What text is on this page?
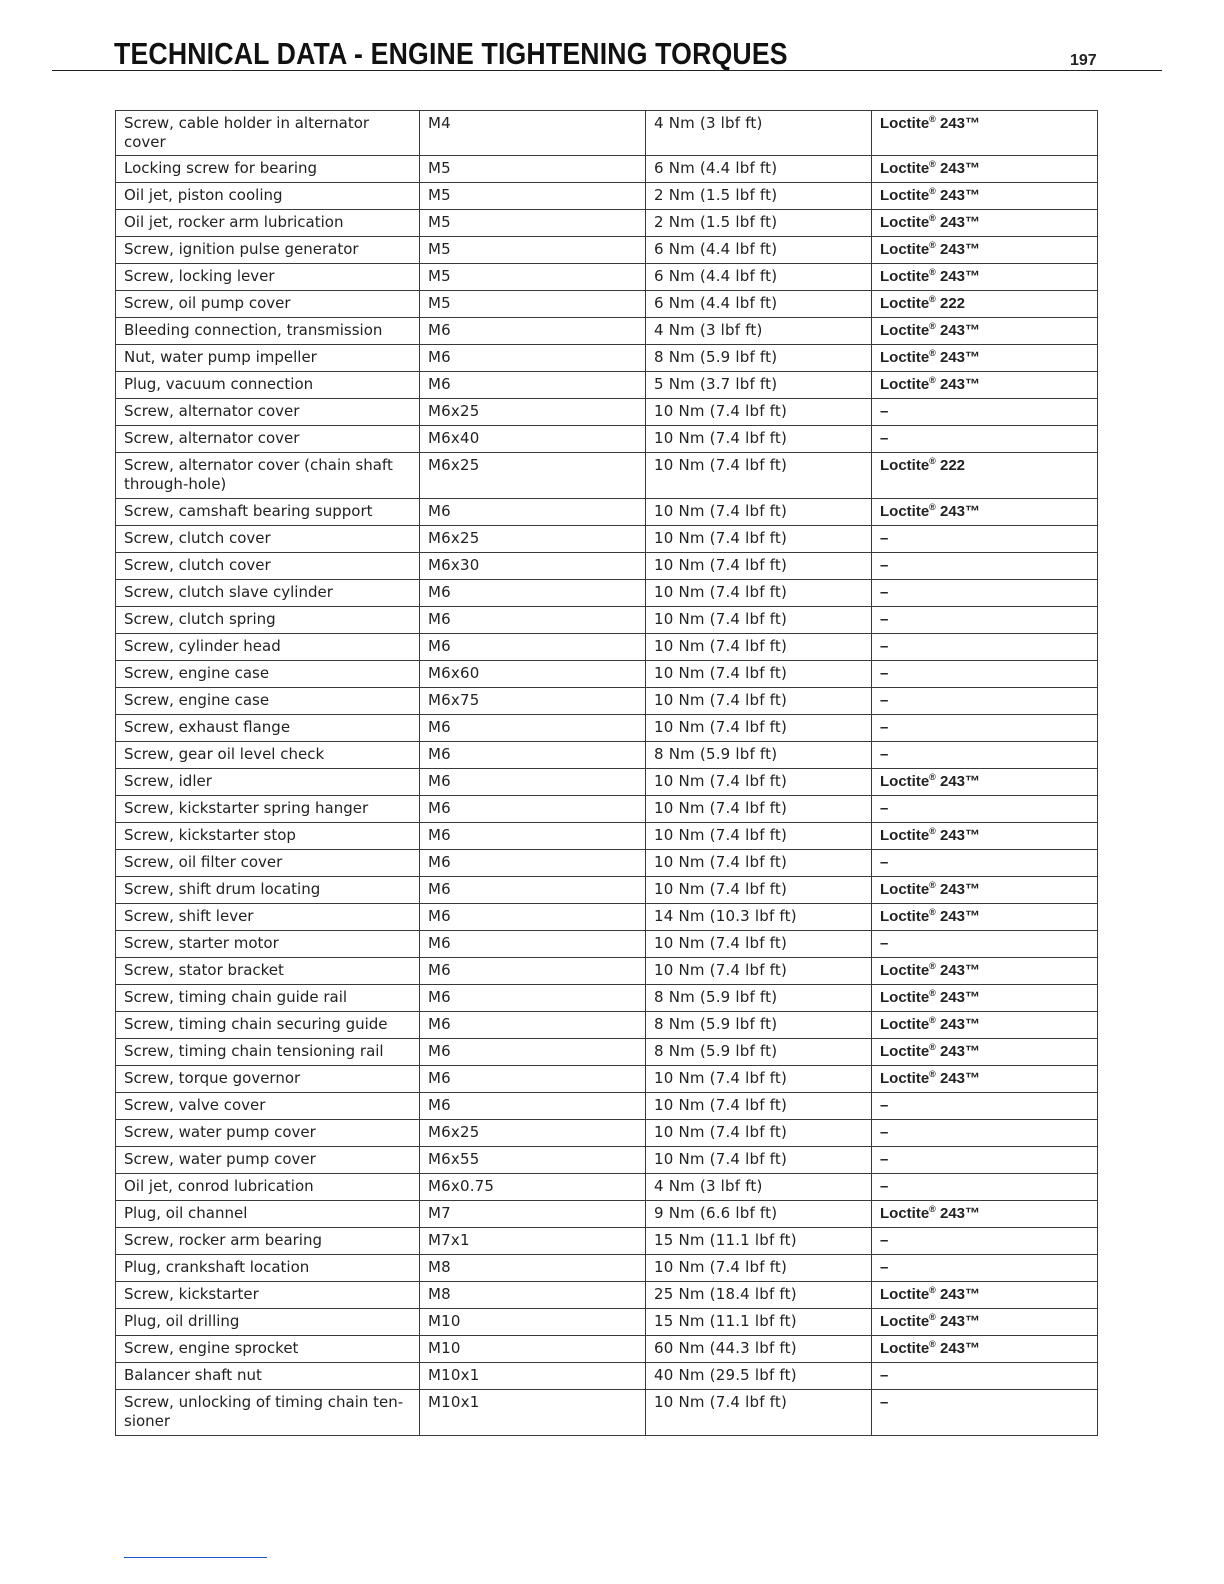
TECHNICAL DATA - ENGINE TIGHTENING TORQUES	197
Screw, cable holder in alternator cover	M4	4 Nm (3 lbf ft)	Loctite® 243™
Locking screw for bearing	M5	6 Nm (4.4 lbf ft)	Loctite® 243™
Oil jet, piston cooling	M5	2 Nm (1.5 lbf ft)	Loctite® 243™
Oil jet, rocker arm lubrication	M5	2 Nm (1.5 lbf ft)	Loctite® 243™
Screw, ignition pulse generator	M5	6 Nm (4.4 lbf ft)	Loctite® 243™
Screw, locking lever	M5	6 Nm (4.4 lbf ft)	Loctite® 243™
Screw, oil pump cover	M5	6 Nm (4.4 lbf ft)	Loctite® 222
Bleeding connection, transmission	M6	4 Nm (3 lbf ft)	Loctite® 243™
Nut, water pump impeller	M6	8 Nm (5.9 lbf ft)	Loctite® 243™
Plug, vacuum connection	M6	5 Nm (3.7 lbf ft)	Loctite® 243™
Screw, alternator cover	M6x25	10 Nm (7.4 lbf ft)	–
Screw, alternator cover	M6x40	10 Nm (7.4 lbf ft)	–
Screw, alternator cover (chain shaft through-hole)	M6x25	10 Nm (7.4 lbf ft)	Loctite® 222
Screw, camshaft bearing support	M6	10 Nm (7.4 lbf ft)	Loctite® 243™
Screw, clutch cover	M6x25	10 Nm (7.4 lbf ft)	–
Screw, clutch cover	M6x30	10 Nm (7.4 lbf ft)	–
Screw, clutch slave cylinder	M6	10 Nm (7.4 lbf ft)	–
Screw, clutch spring	M6	10 Nm (7.4 lbf ft)	–
Screw, cylinder head	M6	10 Nm (7.4 lbf ft)	–
Screw, engine case	M6x60	10 Nm (7.4 lbf ft)	–
Screw, engine case	M6x75	10 Nm (7.4 lbf ft)	–
Screw, exhaust flange	M6	10 Nm (7.4 lbf ft)	–
Screw, gear oil level check	M6	8 Nm (5.9 lbf ft)	–
Screw, idler	M6	10 Nm (7.4 lbf ft)	Loctite® 243™
Screw, kickstarter spring hanger	M6	10 Nm (7.4 lbf ft)	–
Screw, kickstarter stop	M6	10 Nm (7.4 lbf ft)	Loctite® 243™
Screw, oil filter cover	M6	10 Nm (7.4 lbf ft)	–
Screw, shift drum locating	M6	10 Nm (7.4 lbf ft)	Loctite® 243™
Screw, shift lever	M6	14 Nm (10.3 lbf ft)	Loctite® 243™
Screw, starter motor	M6	10 Nm (7.4 lbf ft)	–
Screw, stator bracket	M6	10 Nm (7.4 lbf ft)	Loctite® 243™
Screw, timing chain guide rail	M6	8 Nm (5.9 lbf ft)	Loctite® 243™
Screw, timing chain securing guide	M6	8 Nm (5.9 lbf ft)	Loctite® 243™
Screw, timing chain tensioning rail	M6	8 Nm (5.9 lbf ft)	Loctite® 243™
Screw, torque governor	M6	10 Nm (7.4 lbf ft)	Loctite® 243™
Screw, valve cover	M6	10 Nm (7.4 lbf ft)	–
Screw, water pump cover	M6x25	10 Nm (7.4 lbf ft)	–
Screw, water pump cover	M6x55	10 Nm (7.4 lbf ft)	–
Oil jet, conrod lubrication	M6x0.75	4 Nm (3 lbf ft)	–
Plug, oil channel	M7	9 Nm (6.6 lbf ft)	Loctite® 243™
Screw, rocker arm bearing	M7x1	15 Nm (11.1 lbf ft)	–
Plug, crankshaft location	M8	10 Nm (7.4 lbf ft)	–
Screw, kickstarter	M8	25 Nm (18.4 lbf ft)	Loctite® 243™
Plug, oil drilling	M10	15 Nm (11.1 lbf ft)	Loctite® 243™
Screw, engine sprocket	M10	60 Nm (44.3 lbf ft)	Loctite® 243™
Balancer shaft nut	M10x1	40 Nm (29.5 lbf ft)	–
Screw, unlocking of timing chain ten-sioner	M10x1	10 Nm (7.4 lbf ft)	–
